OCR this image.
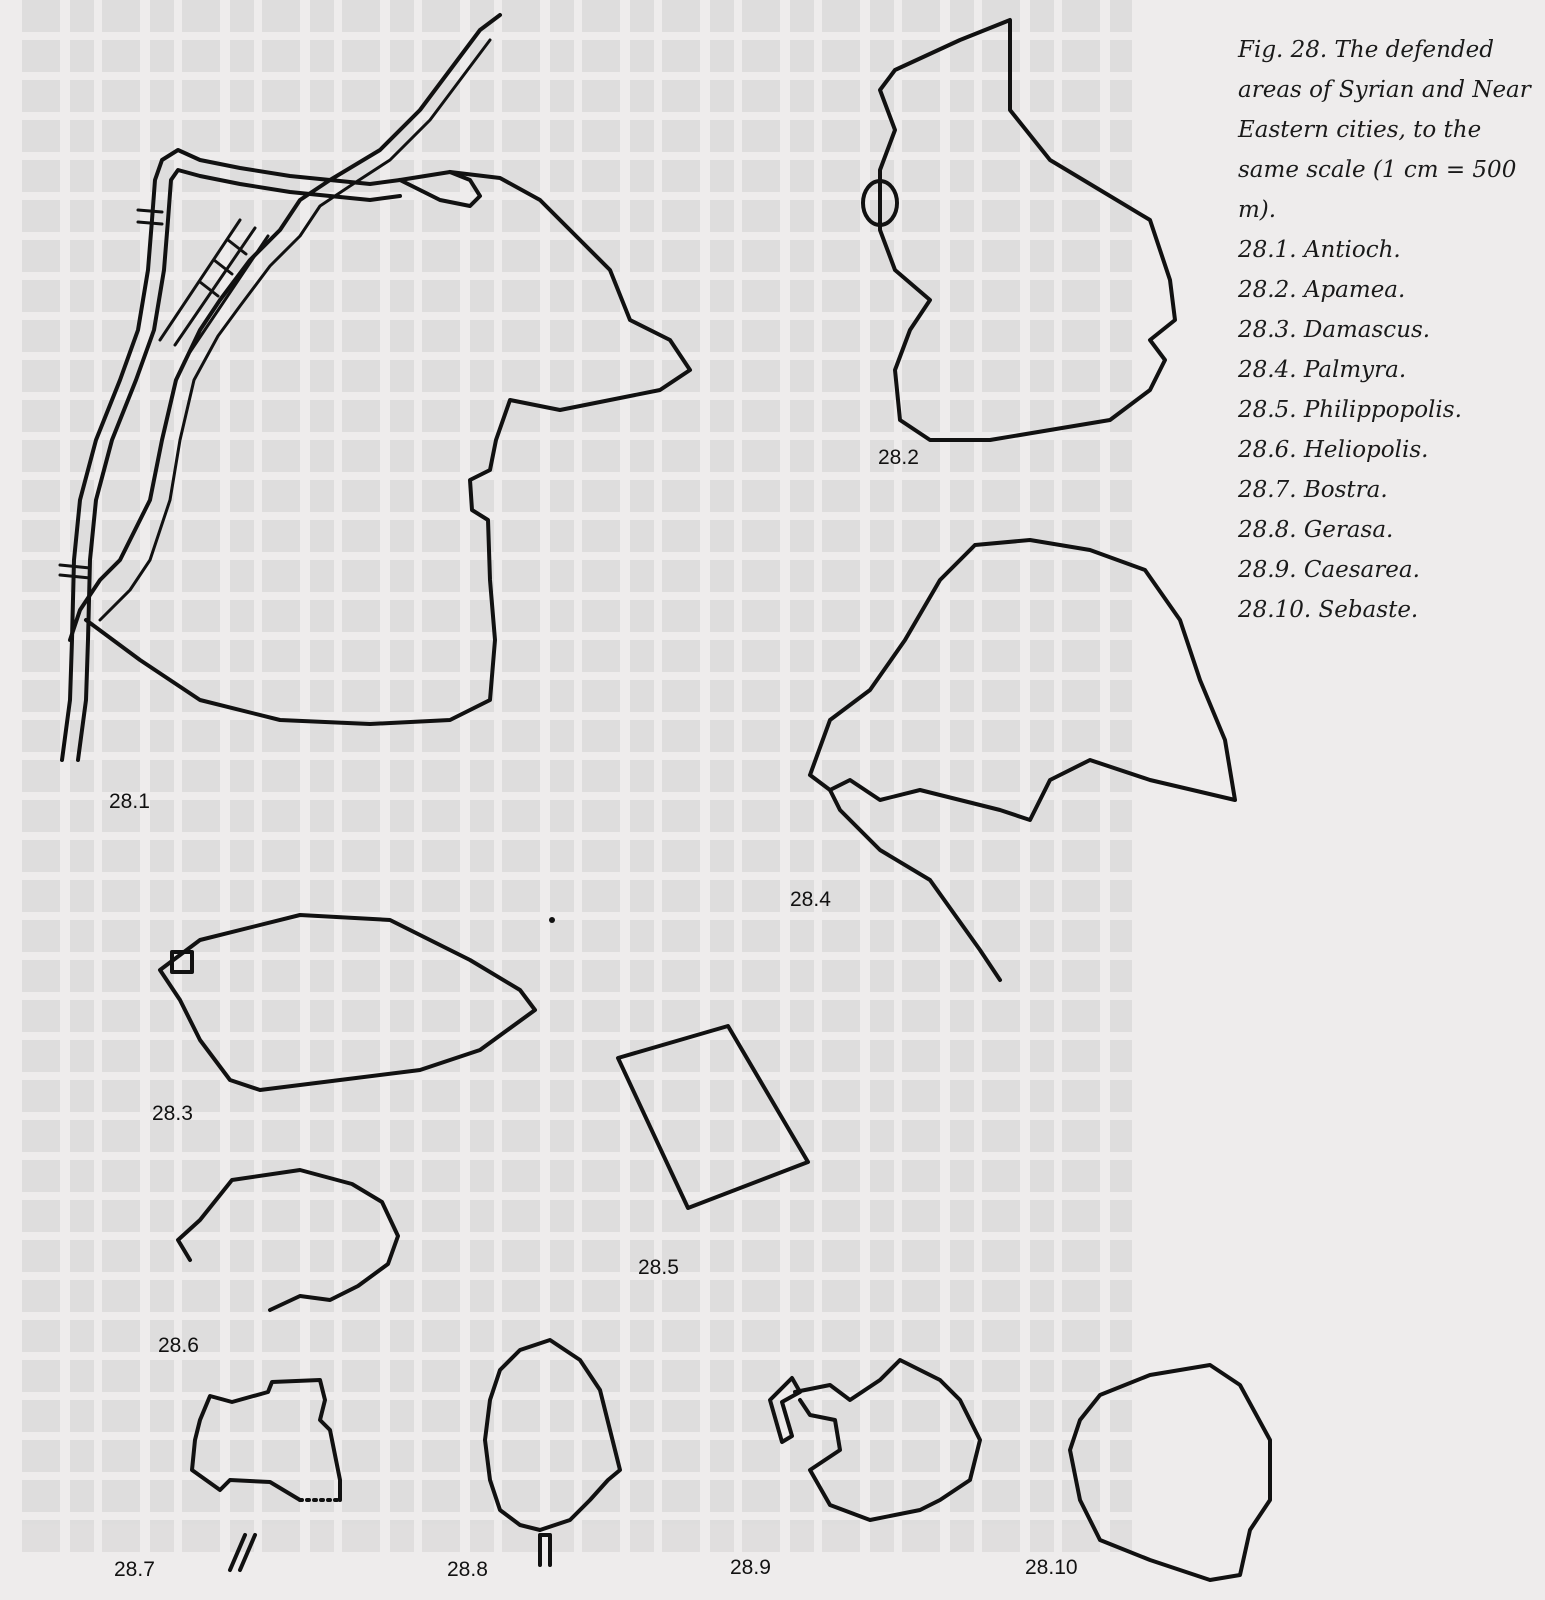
28.1
28.2
28.3
28.4
28.5
28.6
28.7	28.8	28.9	28.10

Fig. 28. The defended areas of Syrian and Near Eastern cities, to the same scale (1 cm = 500 m).

28.1. Antioch.
28.2. Apamea.
28.3. Damascus.
28.4. Palmyra.
28.5. Philippopolis.
28.6. Heliopolis.
28.7. Bostra.
28.8. Gerasa.
28.9. Caesarea.
28.10. Sebaste.
